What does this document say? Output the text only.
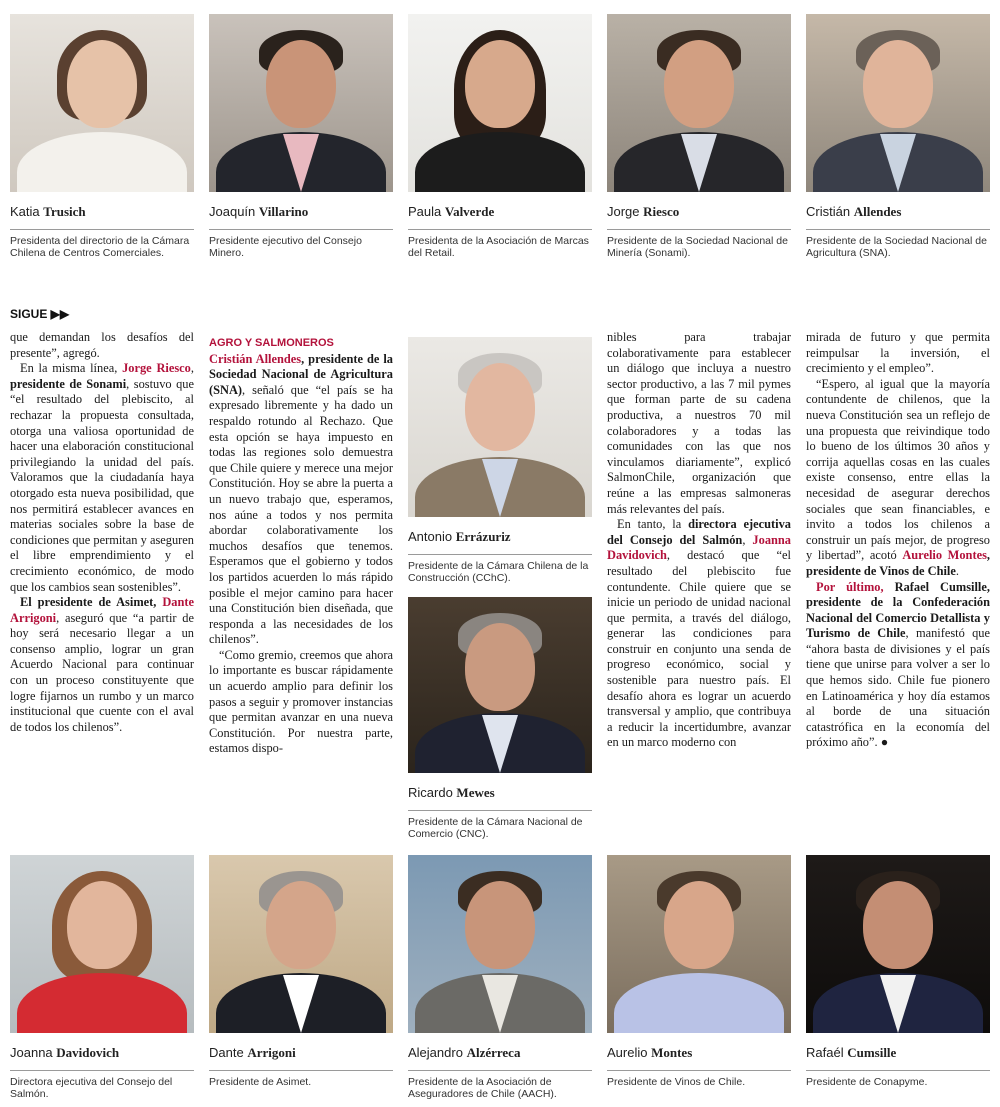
Katia Trusich
Presidenta del directorio de la Cámara Chilena de Centros Comerciales.
Joaquín Villarino
Presidente ejecutivo del Consejo Minero.
Paula Valverde
Presidenta de la Asociación de Marcas del Retail.
Jorge Riesco
Presidente de la Sociedad Nacional de Minería (Sonami).
Cristián Allendes
Presidente de la Sociedad Nacional de Agricultura (SNA).
SIGUE ▶▶

que demandan los desafíos del presente”, agregó.

En la misma línea, Jorge Riesco, presidente de Sonami, sostuvo que “el resultado del plebiscito, al rechazar la propuesta consultada, otorga una valiosa oportunidad de hacer una elaboración constitucional privilegiando la unidad del país. Valoramos que la ciudadanía haya otorgado esta nueva posibilidad, que nos permitirá establecer avances en materias sociales sobre la base de condiciones que permitan y aseguren el libre emprendimiento y el crecimiento económico, de modo que los cambios sean sostenibles”.

El presidente de Asimet, Dante Arrigoni, aseguró que “a partir de hoy será necesario llegar a un consenso amplio, lograr un gran Acuerdo Nacional para continuar con un proceso constituyente que logre fijarnos un rumbo y un marco institucional que cuente con el aval de todos los chilenos”.

AGRO Y SALMONEROS

Cristián Allendes, presidente de la Sociedad Nacional de Agricultura (SNA), señaló que “el país se ha expresado libremente y ha dado un respaldo rotundo al Rechazo. Que esta opción se haya impuesto en todas las regiones solo demuestra que Chile quiere y merece una mejor Constitución. Hoy se abre la puerta a un nuevo trabajo que, esperamos, nos aúne a todos y nos permita abordar colaborativamente los muchos desafíos que tenemos. Esperamos que el gobierno y todos los partidos acuerden lo más rápido posible el mejor camino para hacer una Constitución bien diseñada, que responda a las necesidades de los chilenos”.

“Como gremio, creemos que ahora lo importante es buscar rápidamente un acuerdo amplio para definir los pasos a seguir y promover instancias que permitan avanzar en una nueva Constitución. Por nuestra parte, estamos dispo-

Antonio Errázuriz
Presidente de la Cámara Chilena de la Construcción (CChC).
Ricardo Mewes
Presidente de la Cámara Nacional de Comercio (CNC).

nibles para trabajar colaborativamente para establecer un diálogo que incluya a nuestro sector productivo, a las 7 mil pymes que forman parte de su cadena productiva, a nuestros 70 mil colaboradores y a todas las comunidades con las que nos vinculamos diariamente”, explicó SalmonChile, organización que reúne a las empresas salmoneras más relevantes del país.

En tanto, la directora ejecutiva del Consejo del Salmón, Joanna Davidovich, destacó que “el resultado del plebiscito fue contundente. Chile quiere que se inicie un periodo de unidad nacional que permita, a través del diálogo, generar las condiciones para construir en conjunto una senda de progreso económico, social y sostenible para nuestro país. El desafío ahora es lograr un acuerdo transversal y amplio, que contribuya a reducir la incertidumbre, avanzar en un marco moderno con

mirada de futuro y que permita reimpulsar la inversión, el crecimiento y el empleo”.

“Espero, al igual que la mayoría contundente de chilenos, que la nueva Constitución sea un reflejo de una propuesta que reivindique todo lo bueno de los últimos 30 años y corrija aquellas cosas en las cuales existe consenso, entre ellas la necesidad de asegurar derechos sociales que sean financiables, e invito a todos los chilenos a construir un país mejor, de progreso y libertad”, acotó Aurelio Montes, presidente de Vinos de Chile.

Por último, Rafael Cumsille, presidente de la Confederación Nacional del Comercio Detallista y Turismo de Chile, manifestó que “ahora basta de divisiones y el país tiene que unirse para volver a ser lo que hemos sido. Chile fue pionero en Latinoamérica y hoy día estamos al borde de una situación catastrófica en la economía del próximo año”. ●

Joanna Davidovich
Directora ejecutiva del Consejo del Salmón.
Dante Arrigoni
Presidente de Asimet.
Alejandro Alzérreca
Presidente de la Asociación de Aseguradores de Chile (AACH).
Aurelio Montes
Presidente de Vinos de Chile.
Rafaél Cumsille
Presidente de Conapyme.
